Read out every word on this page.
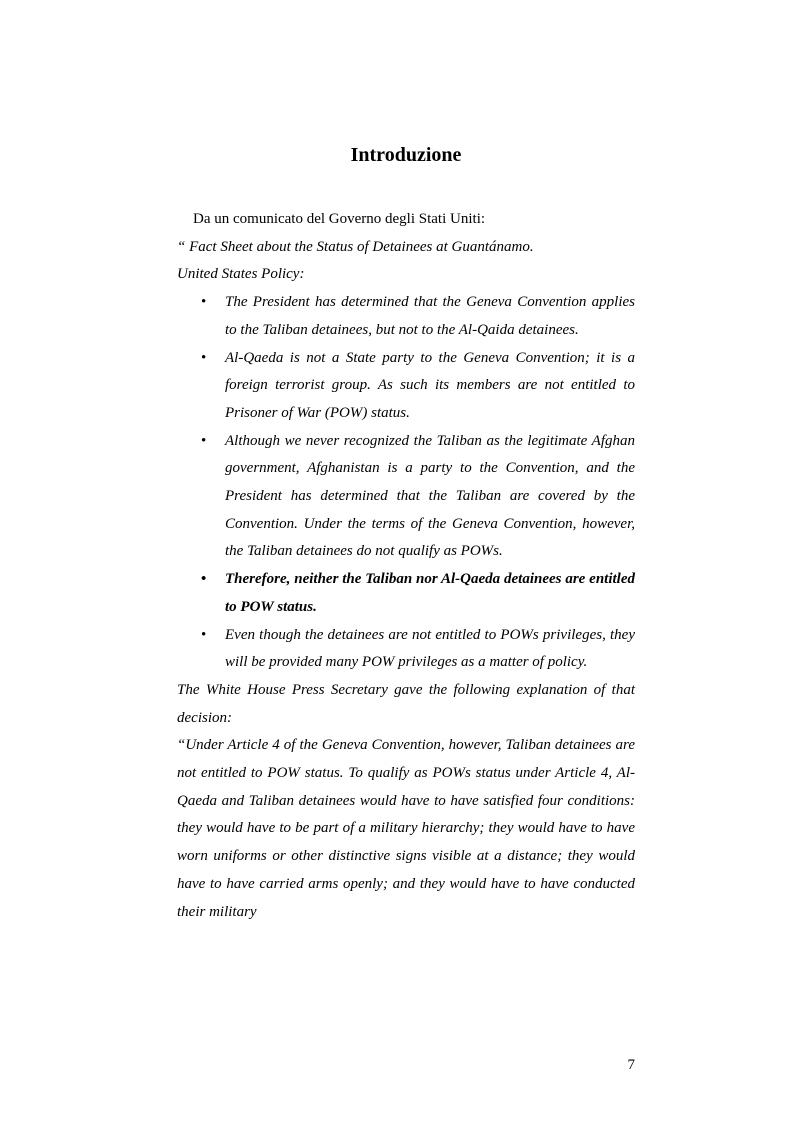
Introduzione

Da un comunicato del Governo degli Stati Uniti:

“ Fact Sheet about the Status of Detainees at Guantánamo.

United States Policy:

• The President has determined that the Geneva Convention applies to the Taliban detainees, but not to the Al-Qaida detainees.
• Al-Qaeda is not a State party to the Geneva Convention; it is a foreign terrorist group. As such its members are not entitled to Prisoner of War (POW) status.
• Although we never recognized the Taliban as the legitimate Afghan government, Afghanistan is a party to the Convention, and the President has determined that the Taliban are covered by the Convention. Under the terms of the Geneva Convention, however, the Taliban detainees do not qualify as POWs.
• Therefore, neither the Taliban nor Al-Qaeda detainees are entitled to POW status.
• Even though the detainees are not entitled to POWs privileges, they will be provided many POW privileges as a matter of policy.

The White House Press Secretary gave the following explanation of that decision:

“Under Article 4 of the Geneva Convention, however, Taliban detainees are not entitled to POW status. To qualify as POWs status under Article 4, Al-Qaeda and Taliban detainees would have to have satisfied four conditions: they would have to be part of a military hierarchy; they would have to have worn uniforms or other distinctive signs visible at a distance; they would have to have carried arms openly; and they would have to have conducted their military

7
